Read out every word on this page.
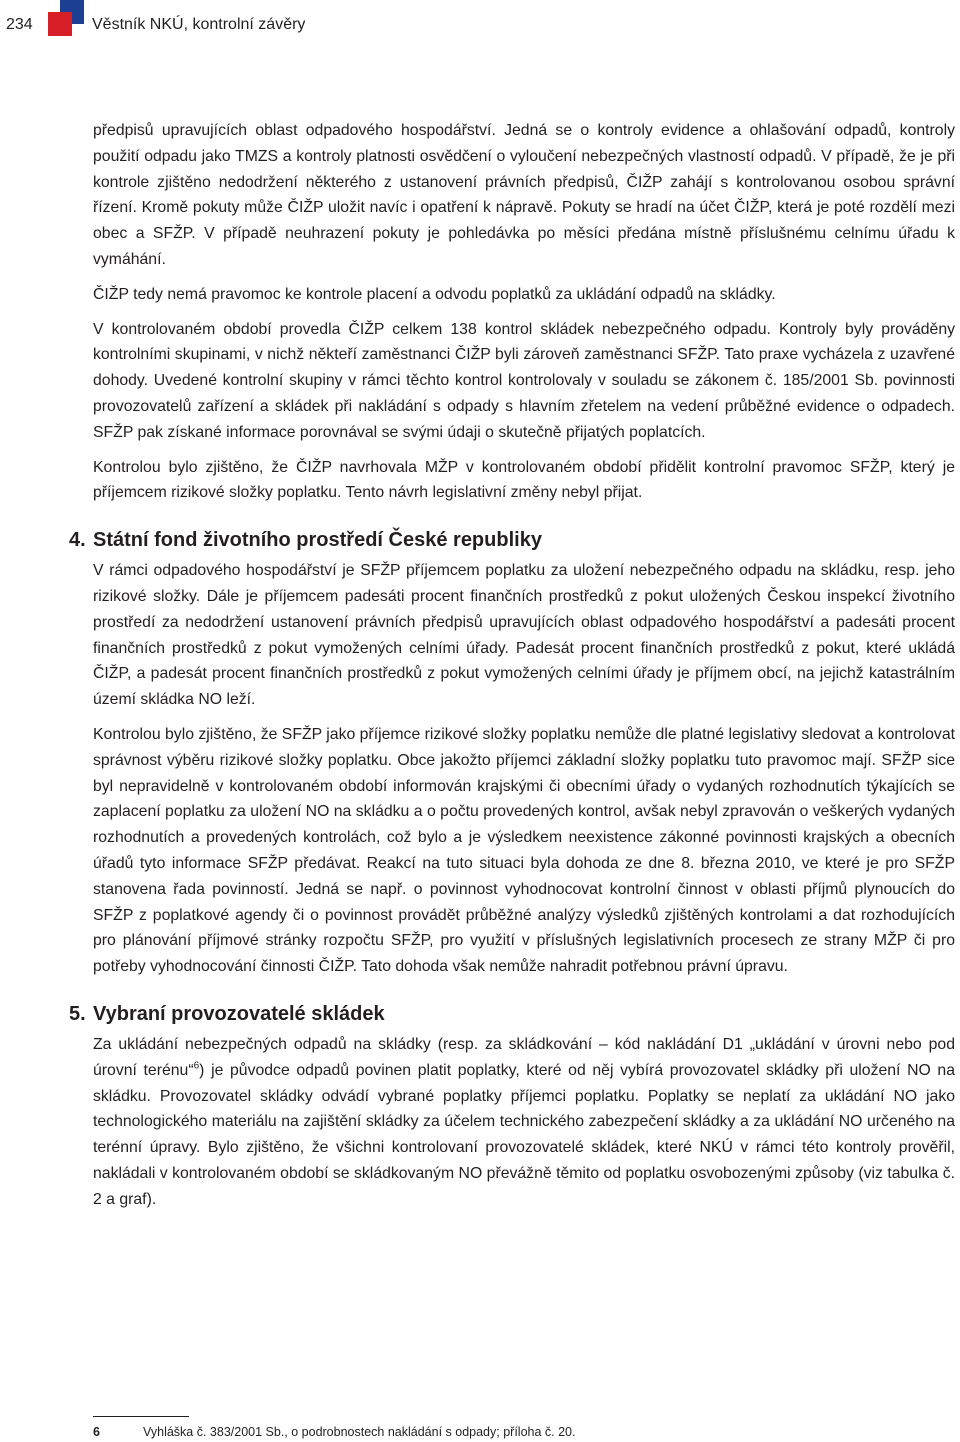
234	Věstník NKÚ, kontrolní závěry

předpisů upravujících oblast odpadového hospodářství. Jedná se o kontroly evidence a ohlašování odpadů, kontroly použití odpadu jako TMZS a kontroly platnosti osvědčení o vyloučení nebezpečných vlastností odpadů. V případě, že je při kontrole zjištěno nedodržení některého z ustanovení právních předpisů, ČIŽP zahájí s kontrolovanou osobou správní řízení. Kromě pokuty může ČIŽP uložit navíc i opatření k nápravě. Pokuty se hradí na účet ČIŽP, která je poté rozdělí mezi obec a SFŽP. V případě neuhrazení pokuty je pohledávka po měsíci předána místně příslušnému celnímu úřadu k vymáhání.

ČIŽP tedy nemá pravomoc ke kontrole placení a odvodu poplatků za ukládání odpadů na skládky.

V kontrolovaném období provedla ČIŽP celkem 138 kontrol skládek nebezpečného odpadu. Kontroly byly prováděny kontrolními skupinami, v nichž někteří zaměstnanci ČIŽP byli zároveň zaměstnanci SFŽP. Tato praxe vycházela z uzavřené dohody. Uvedené kontrolní skupiny v rámci těchto kontrol kontrolovaly v souladu se zákonem č. 185/2001 Sb. povinnosti provozovatelů zařízení a skládek při nakládání s odpady s hlavním zřetelem na vedení průběžné evidence o odpadech. SFŽP pak získané informace porovnával se svými údaji o skutečně přijatých poplatcích.

Kontrolou bylo zjištěno, že ČIŽP navrhovala MŽP v kontrolovaném období přidělit kontrolní pravomoc SFŽP, který je příjemcem rizikové složky poplatku. Tento návrh legislativní změny nebyl přijat.

4. Státní fond životního prostředí České republiky

V rámci odpadového hospodářství je SFŽP příjemcem poplatku za uložení nebezpečného odpadu na skládku, resp. jeho rizikové složky. Dále je příjemcem padesáti procent finančních prostředků z pokut uložených Českou inspekcí životního prostředí za nedodržení ustanovení právních předpisů upravujících oblast odpadového hospodářství a padesáti procent finančních prostředků z pokut vymožených celními úřady. Padesát procent finančních prostředků z pokut, které ukládá ČIŽP, a padesát procent finančních prostředků z pokut vymožených celními úřady je příjmem obcí, na jejichž katastrálním území skládka NO leží.

Kontrolou bylo zjištěno, že SFŽP jako příjemce rizikové složky poplatku nemůže dle platné legislativy sledovat a kontrolovat správnost výběru rizikové složky poplatku. Obce jakožto příjemci základní složky poplatku tuto pravomoc mají. SFŽP sice byl nepravidelně v kontrolovaném období informován krajskými či obecními úřady o vydaných rozhodnutích týkajících se zaplacení poplatku za uložení NO na skládku a o počtu provedených kontrol, avšak nebyl zpravován o veškerých vydaných rozhodnutích a provedených kontrolách, což bylo a je výsledkem neexistence zákonné povinnosti krajských a obecních úřadů tyto informace SFŽP předávat. Reakcí na tuto situaci byla dohoda ze dne 8. března 2010, ve které je pro SFŽP stanovena řada povinností. Jedná se např. o povinnost vyhodnocovat kontrolní činnost v oblasti příjmů plynoucích do SFŽP z poplatkové agendy či o povinnost provádět průběžné analýzy výsledků zjištěných kontrolami a dat rozhodujících pro plánování příjmové stránky rozpočtu SFŽP, pro využití v příslušných legislativních procesech ze strany MŽP či pro potřeby vyhodnocování činnosti ČIŽP. Tato dohoda však nemůže nahradit potřebnou právní úpravu.

5. Vybraní provozovatelé skládek

Za ukládání nebezpečných odpadů na skládky (resp. za skládkování – kód nakládání D1 „ukládání v úrovni nebo pod úrovní terénu“$^6$) je původce odpadů povinen platit poplatky, které od něj vybírá provozovatel skládky při uložení NO na skládku. Provozovatel skládky odvádí vybrané poplatky příjemci poplatku. Poplatky se neplatí za ukládání NO jako technologického materiálu na zajištění skládky za účelem technického zabezpečení skládky a za ukládání NO určeného na terénní úpravy. Bylo zjištěno, že všichni kontrolovaní provozovatelé skládek, které NKÚ v rámci této kontroly prověřil, nakládali v kontrolovaném období se skládkovaným NO převážně těmito od poplatku osvobozenými způsoby (viz tabulka č. 2 a graf).

6	Vyhláška č. 383/2001 Sb., o podrobnostech nakládání s odpady; příloha č. 20.
